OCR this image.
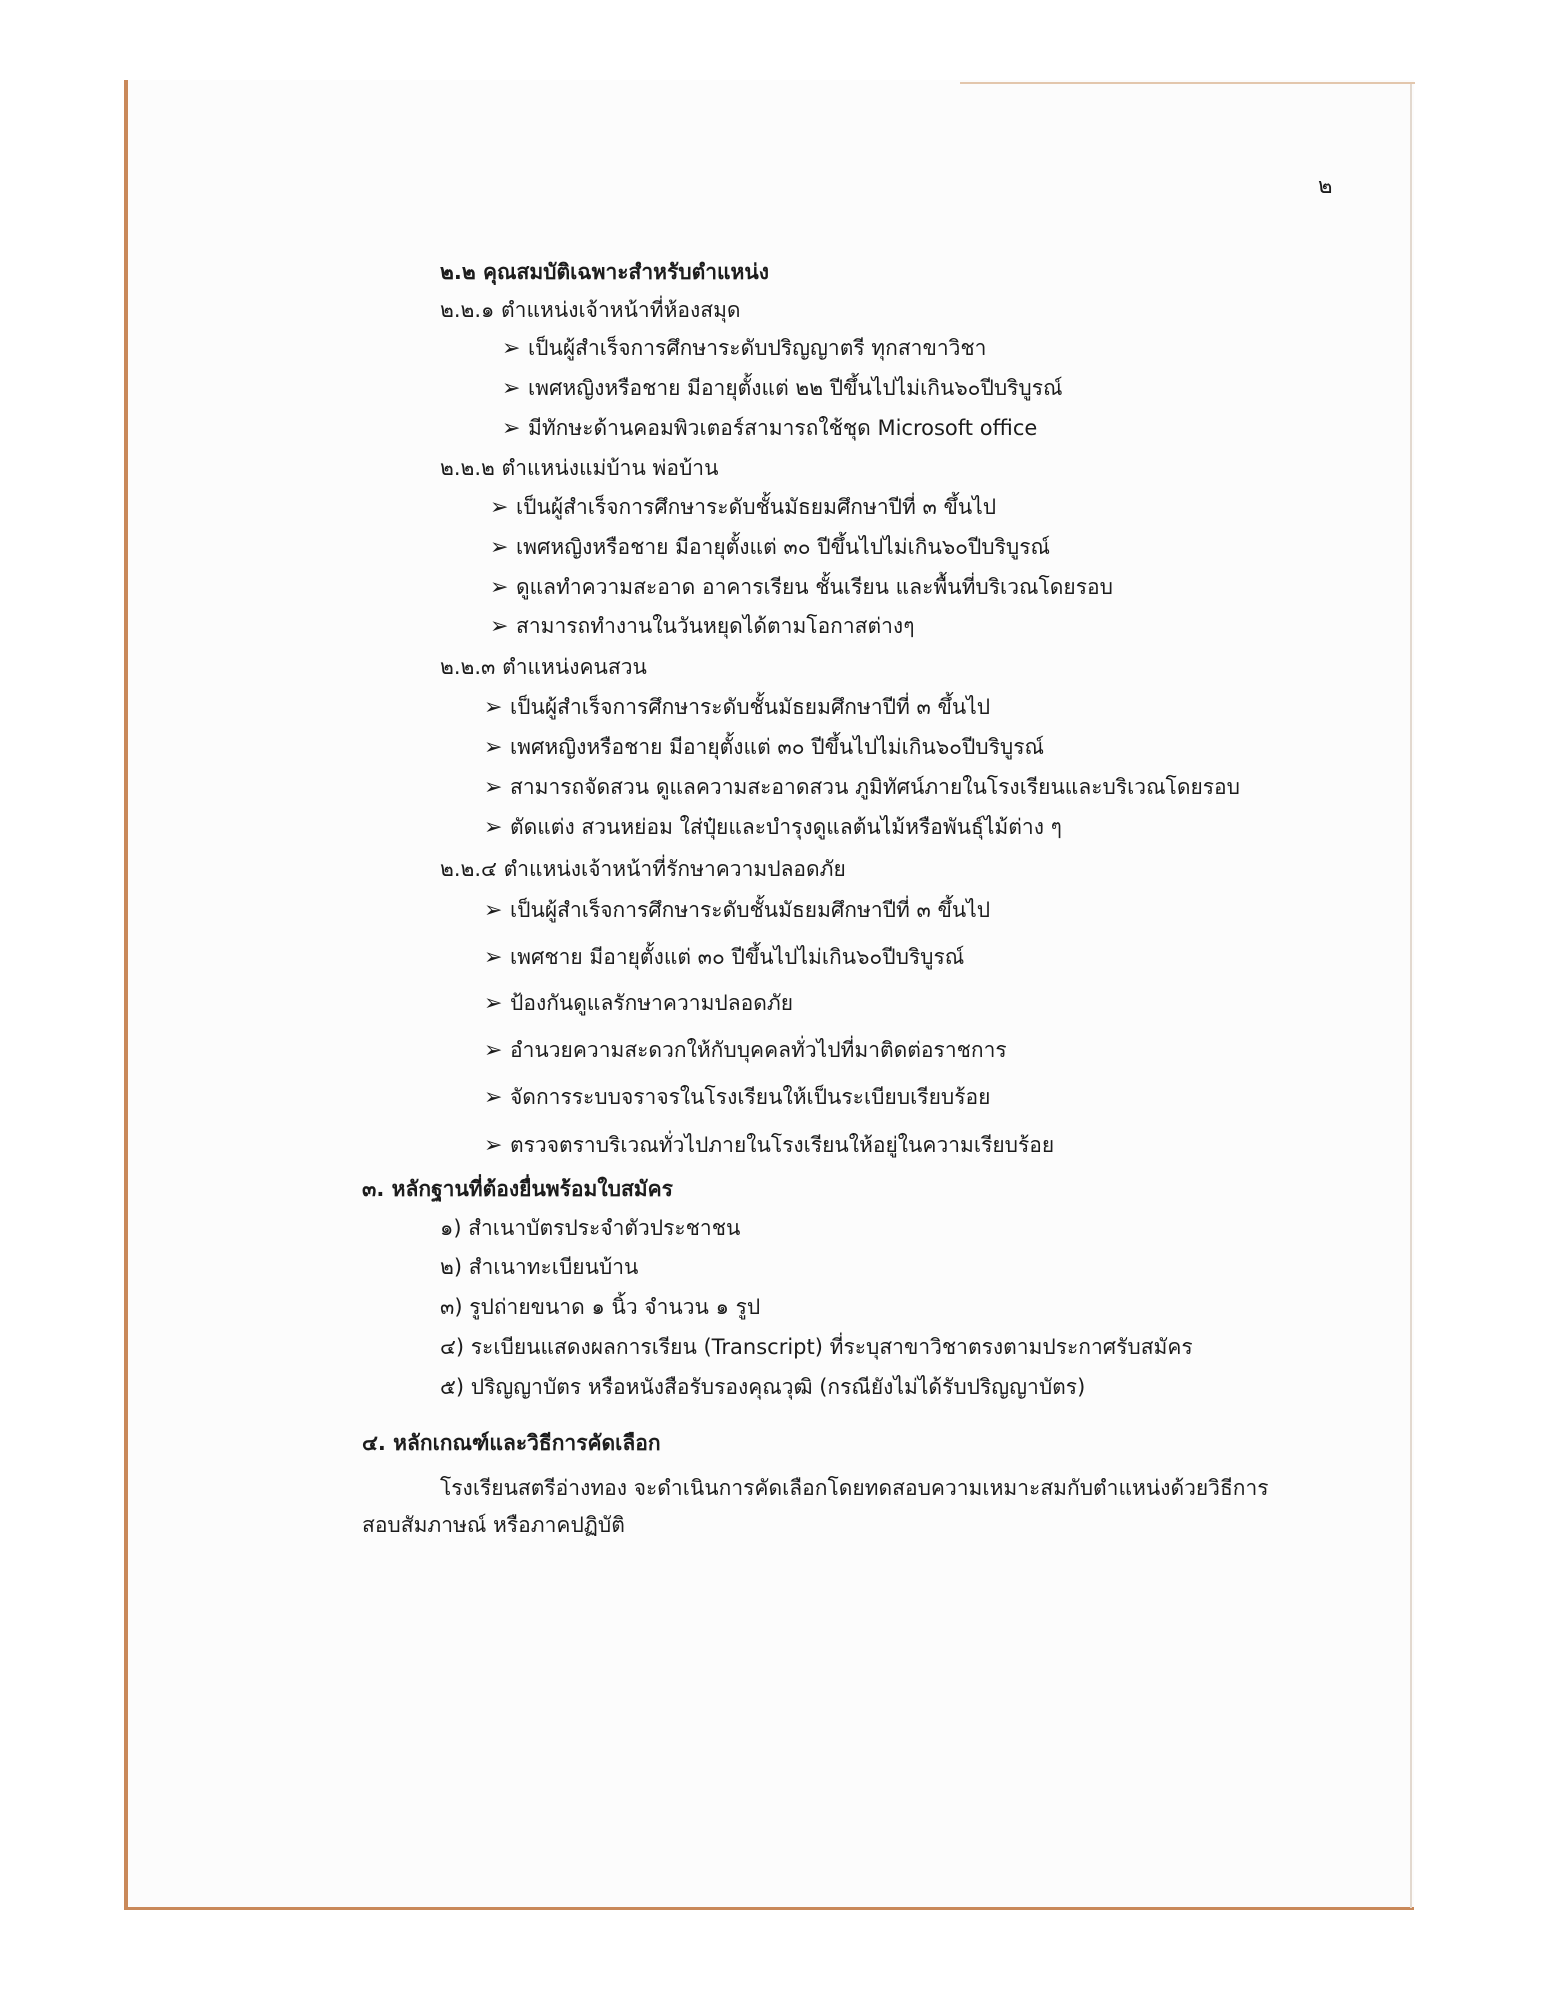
๒
๒.๒ คุณสมบัติเฉพาะสำหรับตำแหน่ง
๒.๒.๑ ตำแหน่งเจ้าหน้าที่ห้องสมุด
➢ เป็นผู้สำเร็จการศึกษาระดับปริญญาตรี ทุกสาขาวิชา
➢ เพศหญิงหรือชาย มีอายุตั้งแต่ ๒๒ ปีขึ้นไปไม่เกิน๖๐ปีบริบูรณ์
➢ มีทักษะด้านคอมพิวเตอร์สามารถใช้ชุด Microsoft office
๒.๒.๒ ตำแหน่งแม่บ้าน พ่อบ้าน
➢ เป็นผู้สำเร็จการศึกษาระดับชั้นมัธยมศึกษาปีที่ ๓ ขึ้นไป
➢ เพศหญิงหรือชาย มีอายุตั้งแต่ ๓๐ ปีขึ้นไปไม่เกิน๖๐ปีบริบูรณ์
➢ ดูแลทำความสะอาด อาคารเรียน ชั้นเรียน และพื้นที่บริเวณโดยรอบ
➢ สามารถทำงานในวันหยุดได้ตามโอกาสต่างๆ
๒.๒.๓ ตำแหน่งคนสวน
➢ เป็นผู้สำเร็จการศึกษาระดับชั้นมัธยมศึกษาปีที่ ๓ ขึ้นไป
➢ เพศหญิงหรือชาย มีอายุตั้งแต่ ๓๐ ปีขึ้นไปไม่เกิน๖๐ปีบริบูรณ์
➢ สามารถจัดสวน ดูแลความสะอาดสวน ภูมิทัศน์ภายในโรงเรียนและบริเวณโดยรอบ
➢ ตัดแต่ง สวนหย่อม ใส่ปุ๋ยและบำรุงดูแลต้นไม้หรือพันธุ์ไม้ต่าง ๆ
๒.๒.๔ ตำแหน่งเจ้าหน้าที่รักษาความปลอดภัย
➢ เป็นผู้สำเร็จการศึกษาระดับชั้นมัธยมศึกษาปีที่ ๓ ขึ้นไป
➢ เพศชาย มีอายุตั้งแต่ ๓๐ ปีขึ้นไปไม่เกิน๖๐ปีบริบูรณ์
➢ ป้องกันดูแลรักษาความปลอดภัย
➢ อำนวยความสะดวกให้กับบุคคลทั่วไปที่มาติดต่อราชการ
➢ จัดการระบบจราจรในโรงเรียนให้เป็นระเบียบเรียบร้อย
➢ ตรวจตราบริเวณทั่วไปภายในโรงเรียนให้อยู่ในความเรียบร้อย
๓. หลักฐานที่ต้องยื่นพร้อมใบสมัคร
๑) สำเนาบัตรประจำตัวประชาชน
๒) สำเนาทะเบียนบ้าน
๓) รูปถ่ายขนาด ๑ นิ้ว จำนวน ๑ รูป
๔) ระเบียนแสดงผลการเรียน (Transcript) ที่ระบุสาขาวิชาตรงตามประกาศรับสมัคร
๕) ปริญญาบัตร หรือหนังสือรับรองคุณวุฒิ (กรณียังไม่ได้รับปริญญาบัตร)
๔. หลักเกณฑ์และวิธีการคัดเลือก
โรงเรียนสตรีอ่างทอง จะดำเนินการคัดเลือกโดยทดสอบความเหมาะสมกับตำแหน่งด้วยวิธีการ
สอบสัมภาษณ์ หรือภาคปฏิบัติ
